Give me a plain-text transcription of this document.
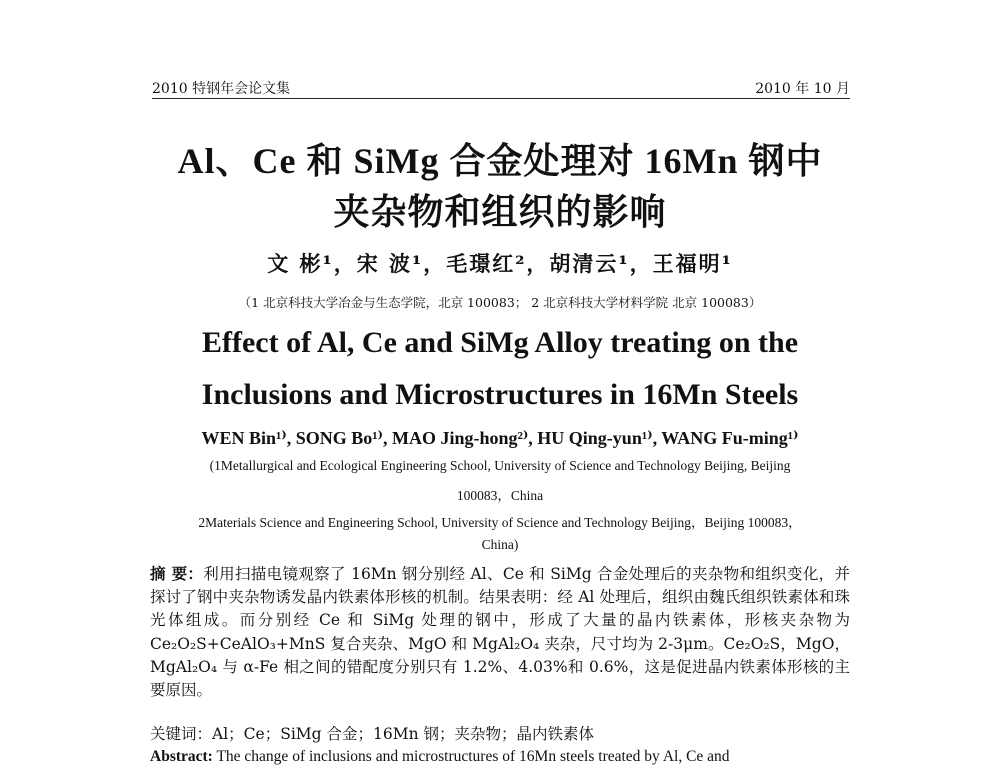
2010 特钢年会论文集	2010 年 10 月
Al、Ce 和 SiMg 合金处理对 16Mn 钢中
夹杂物和组织的影响
文 彬¹，宋 波¹，毛璟红²，胡清云¹，王福明¹
（1 北京科技大学冶金与生态学院，北京 100083； 2 北京科技大学材料学院 北京 100083）
Effect of Al, Ce and SiMg Alloy treating on the
Inclusions and Microstructures in 16Mn Steels
WEN Bin¹⁾, SONG Bo¹⁾, MAO Jing-hong²⁾, HU Qing-yun¹⁾, WANG Fu-ming¹⁾
(1Metallurgical and Ecological Engineering School, University of Science and Technology Beijing, Beijing
100083，China
2Materials Science and Engineering School, University of Science and Technology Beijing，Beijing 100083，
China)
摘 要：利用扫描电镜观察了 16Mn 钢分别经 Al、Ce 和 SiMg 合金处理后的夹杂物和组织变化，并探讨了钢中夹杂物诱发晶内铁素体形核的机制。结果表明：经 Al 处理后，组织由魏氏组织铁素体和珠光体组成。而分别经 Ce 和 SiMg 处理的钢中，形成了大量的晶内铁素体，形核夹杂物为 Ce₂O₂S+CeAlO₃+MnS 复合夹杂、MgO 和 MgAl₂O₄ 夹杂，尺寸均为 2-3μm。Ce₂O₂S，MgO，MgAl₂O₄ 与 α-Fe 相之间的错配度分别只有 1.2%、4.03%和 0.6%，这是促进晶内铁素体形核的主要原因。
关键词：Al；Ce；SiMg 合金；16Mn 钢；夹杂物；晶内铁素体
Abstract: The change of inclusions and microstructures of 16Mn steels treated by Al, Ce and
